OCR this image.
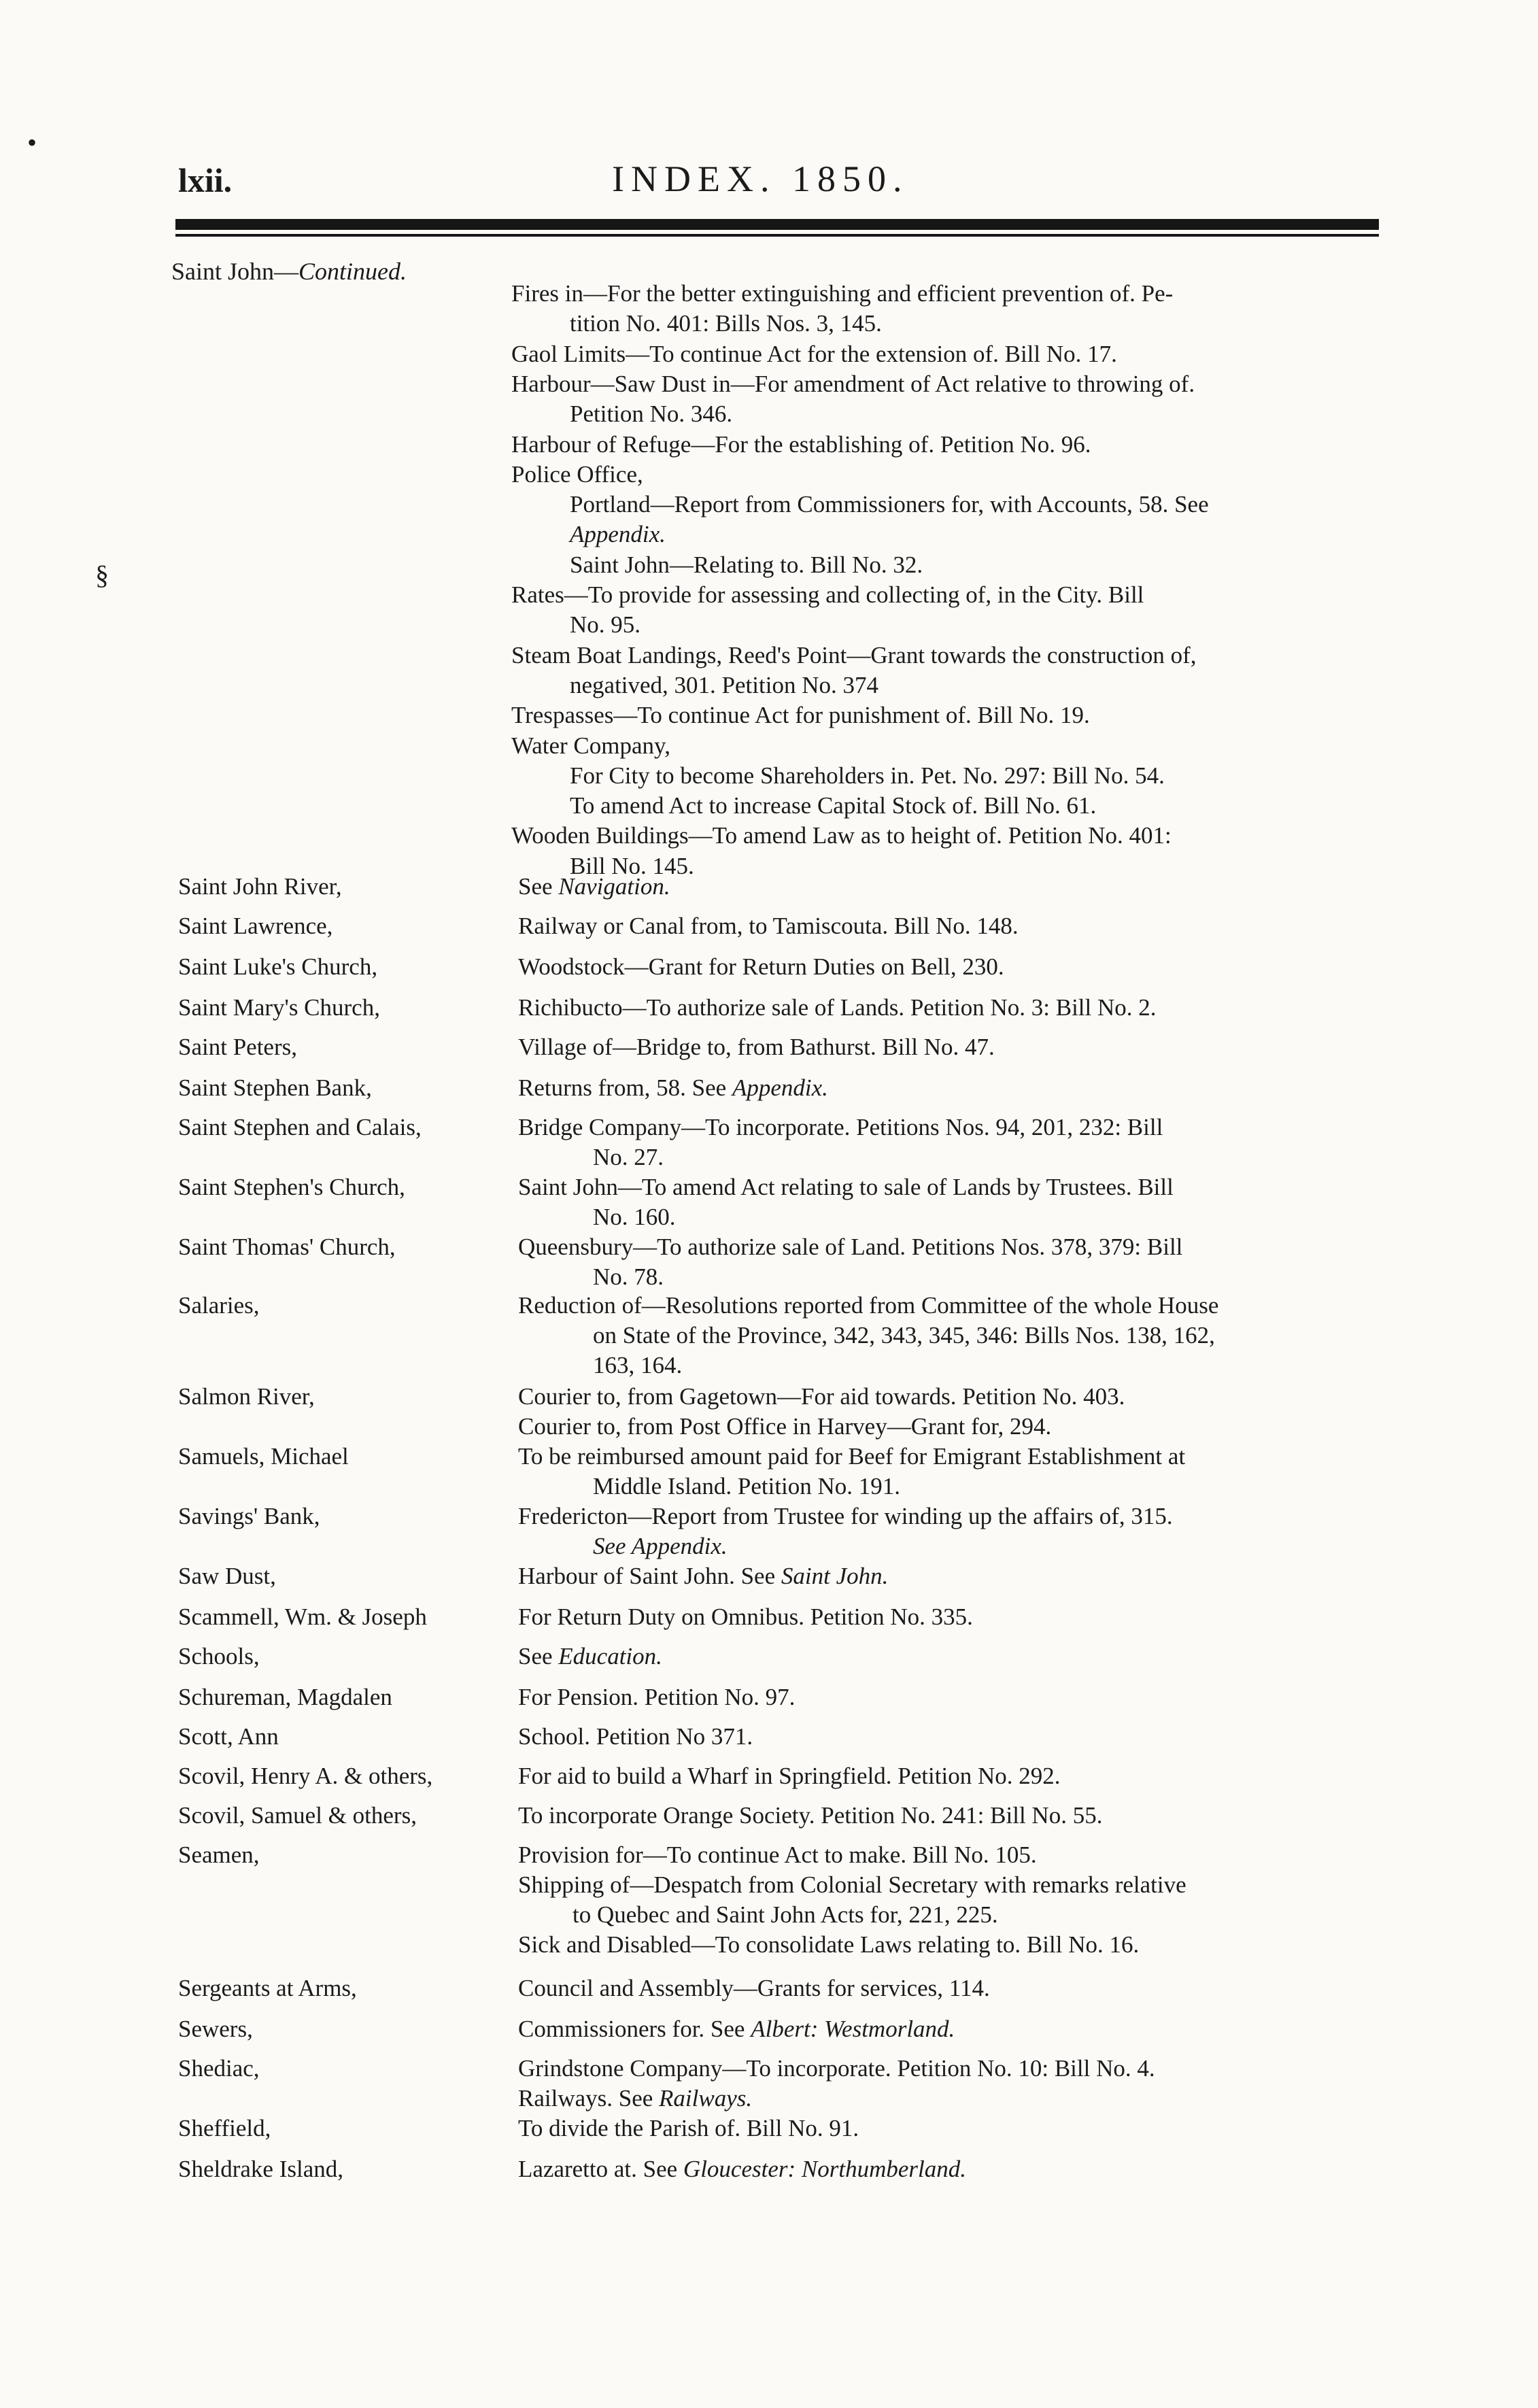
•
§
lxii.	INDEX. 1850.
Saint John—Continued.
Fires in—For the better extinguishing and efficient prevention of. Pe-
tition No. 401: Bills Nos. 3, 145.
Gaol Limits—To continue Act for the extension of. Bill No. 17.
Harbour—Saw Dust in—For amendment of Act relative to throwing of.
Petition No. 346.
Harbour of Refuge—For the establishing of. Petition No. 96.
Police Office,
Portland—Report from Commissioners for, with Accounts, 58. See
Appendix.
Saint John—Relating to. Bill No. 32.
Rates—To provide for assessing and collecting of, in the City. Bill
No. 95.
Steam Boat Landings, Reed's Point—Grant towards the construction of,
negatived, 301. Petition No. 374
Trespasses—To continue Act for punishment of. Bill No. 19.
Water Company,
For City to become Shareholders in. Pet. No. 297: Bill No. 54.
To amend Act to increase Capital Stock of. Bill No. 61.
Wooden Buildings—To amend Law as to height of. Petition No. 401:
Bill No. 145.
Saint John River,	See Navigation.
Saint Lawrence,	Railway or Canal from, to Tamiscouta. Bill No. 148.
Saint Luke's Church,	Woodstock—Grant for Return Duties on Bell, 230.
Saint Mary's Church,	Richibucto—To authorize sale of Lands. Petition No. 3: Bill No. 2.
Saint Peters,	Village of—Bridge to, from Bathurst. Bill No. 47.
Saint Stephen Bank,	Returns from, 58. See Appendix.
Saint Stephen and Calais,	Bridge Company—To incorporate. Petitions Nos. 94, 201, 232: Bill
No. 27.
Saint Stephen's Church,	Saint John—To amend Act relating to sale of Lands by Trustees. Bill
No. 160.
Saint Thomas' Church,	Queensbury—To authorize sale of Land. Petitions Nos. 378, 379: Bill
No. 78.
Salaries,	Reduction of—Resolutions reported from Committee of the whole House
on State of the Province, 342, 343, 345, 346: Bills Nos. 138, 162,
163, 164.
Salmon River,	Courier to, from Gagetown—For aid towards. Petition No. 403.
Courier to, from Post Office in Harvey—Grant for, 294.
Samuels, Michael	To be reimbursed amount paid for Beef for Emigrant Establishment at
Middle Island. Petition No. 191.
Savings' Bank,	Fredericton—Report from Trustee for winding up the affairs of, 315.
See Appendix.
Saw Dust,	Harbour of Saint John. See Saint John.
Scammell, Wm. & Joseph	For Return Duty on Omnibus. Petition No. 335.
Schools,	See Education.
Schureman, Magdalen	For Pension. Petition No. 97.
Scott, Ann	School. Petition No 371.
Scovil, Henry A. & others,	For aid to build a Wharf in Springfield. Petition No. 292.
Scovil, Samuel & others,	To incorporate Orange Society. Petition No. 241: Bill No. 55.
Seamen,	Provision for—To continue Act to make. Bill No. 105.
Shipping of—Despatch from Colonial Secretary with remarks relative
to Quebec and Saint John Acts for, 221, 225.
Sick and Disabled—To consolidate Laws relating to. Bill No. 16.
Sergeants at Arms,	Council and Assembly—Grants for services, 114.
Sewers,	Commissioners for. See Albert: Westmorland.
Shediac,	Grindstone Company—To incorporate. Petition No. 10: Bill No. 4.
Railways. See Railways.
Sheffield,	To divide the Parish of. Bill No. 91.
Sheldrake Island,	Lazaretto at. See Gloucester: Northumberland.
